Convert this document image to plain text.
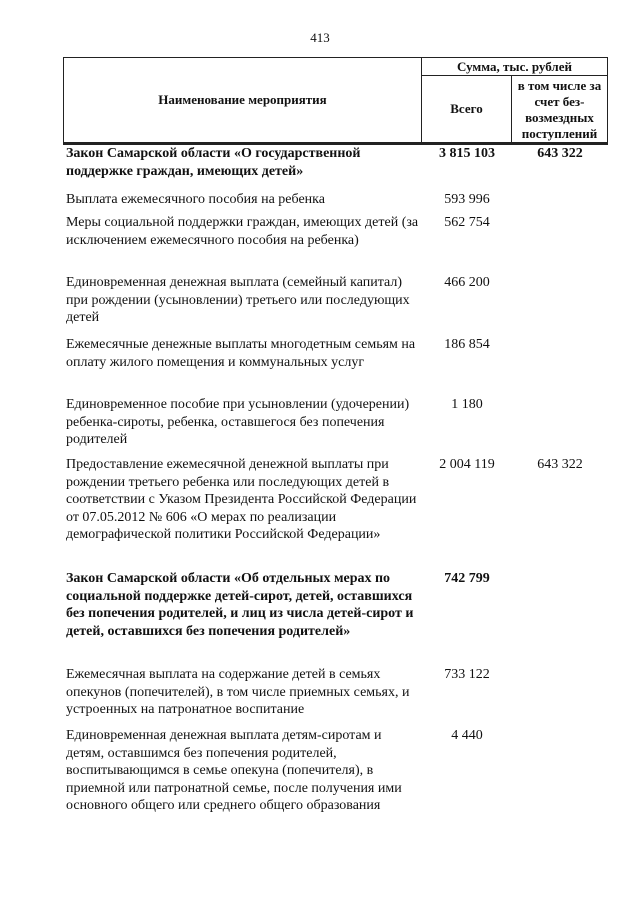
413
Наименование мероприятия
Сумма, тыс. рублей
Всего
в том числе за счет без-возмездных поступлений
Закон Самарской области «О государственной поддержке граждан, имеющих детей»
3 815 103	643 322
Выплата ежемесячного пособия на ребенка	593 996
Меры социальной поддержки граждан, имеющих детей (за исключением ежемесячного пособия на ребенка)
562 754
Единовременная денежная выплата (семейный капитал) при рождении (усыновлении) третьего или последующих детей
466 200
Ежемесячные денежные выплаты многодетным семьям на оплату жилого помещения и коммунальных услуг
186 854
Единовременное пособие при усыновлении (удочерении) ребенка-сироты, ребенка, оставшегося без попечения родителей
1 180
Предоставление ежемесячной денежной выплаты при рождении третьего ребенка или последующих детей в соответствии с Указом Президента Российской Федерации от 07.05.2012 № 606 «О мерах по реализации демографической политики Российской Федерации»
2 004 119	643 322
Закон Самарской области «Об отдельных мерах по социальной поддержке детей-сирот, детей, оставшихся без попечения родителей, и лиц из числа детей-сирот и детей, оставшихся без попечения родителей»
742 799
Ежемесячная выплата на содержание детей в семьях опекунов (попечителей), в том числе приемных семьях, и устроенных на патронатное воспитание
733 122
Единовременная денежная выплата детям-сиротам и детям, оставшимся без попечения родителей, воспитывающимся в семье опекуна (попечителя), в приемной или патронатной семье, после получения ими основного общего или среднего общего образования
4 440
